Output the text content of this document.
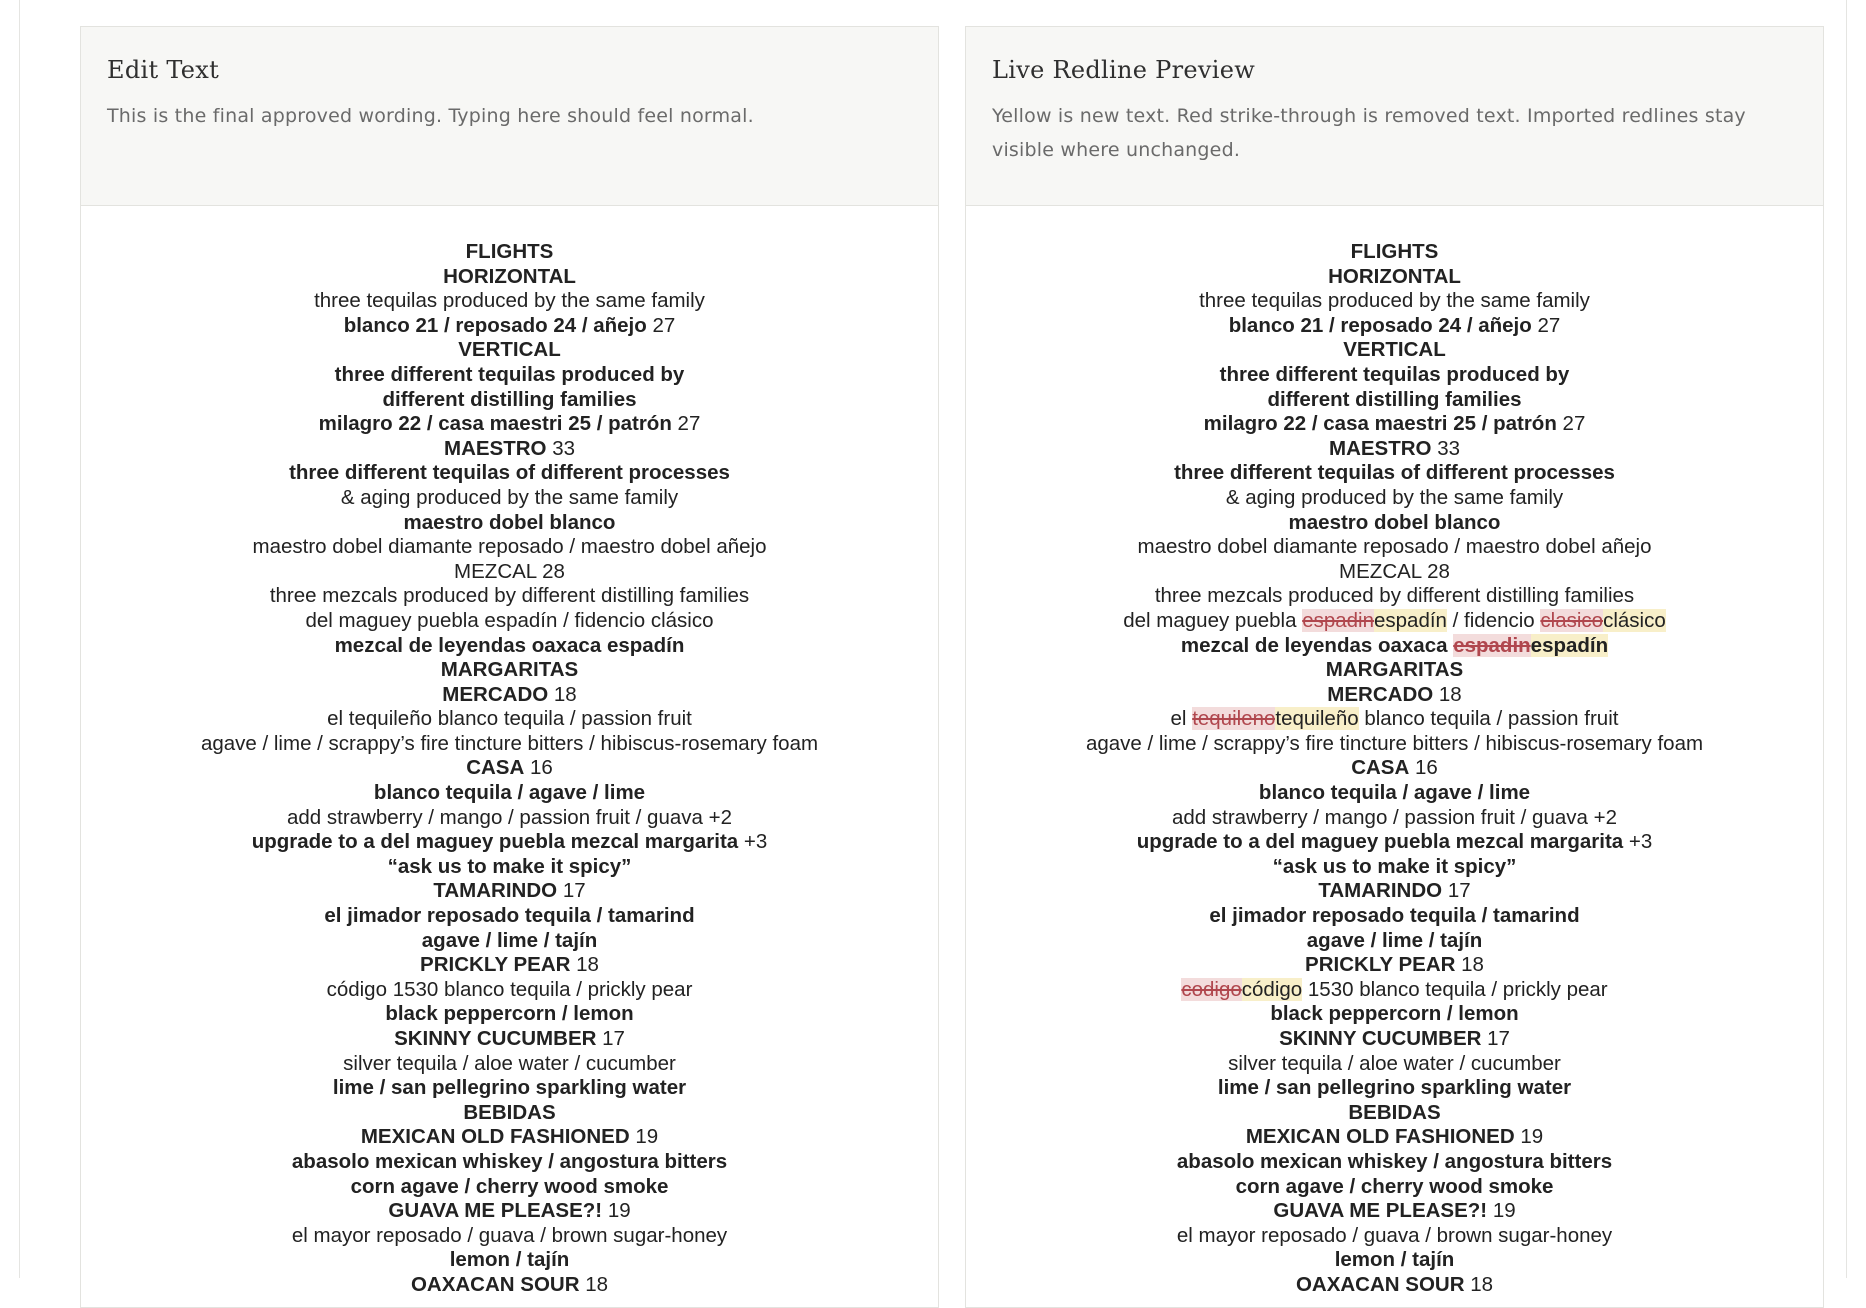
Edit Text

This is the final approved wording. Typing here should feel normal.

FLIGHTS
HORIZONTAL
three tequilas produced by the same family
blanco 21 / reposado 24 / añejo 27
VERTICAL
three different tequilas produced by
different distilling families
milagro 22 / casa maestri 25 / patrón 27
MAESTRO 33
three different tequilas of different processes
& aging produced by the same family
maestro dobel blanco
maestro dobel diamante reposado / maestro dobel añejo
MEZCAL 28
three mezcals produced by different distilling families
del maguey puebla espadín / fidencio clásico
mezcal de leyendas oaxaca espadín
MARGARITAS
MERCADO 18
el tequileño blanco tequila / passion fruit
agave / lime / scrappy’s fire tincture bitters / hibiscus-rosemary foam
CASA 16
blanco tequila / agave / lime
add strawberry / mango / passion fruit / guava +2
upgrade to a del maguey puebla mezcal margarita +3
“ask us to make it spicy”
TAMARINDO 17
el jimador reposado tequila / tamarind
agave / lime / tajín
PRICKLY PEAR 18
código 1530 blanco tequila / prickly pear
black peppercorn / lemon
SKINNY CUCUMBER 17
silver tequila / aloe water / cucumber
lime / san pellegrino sparkling water
BEBIDAS
MEXICAN OLD FASHIONED 19
abasolo mexican whiskey / angostura bitters
corn agave / cherry wood smoke
GUAVA ME PLEASE?! 19
el mayor reposado / guava / brown sugar-honey
lemon / tajín
OAXACAN SOUR 18
Live Redline Preview

Yellow is new text. Red strike-through is removed text. Imported redlines stay visible where unchanged.

FLIGHTS
HORIZONTAL
three tequilas produced by the same family
blanco 21 / reposado 24 / añejo 27
VERTICAL
three different tequilas produced by
different distilling families
milagro 22 / casa maestri 25 / patrón 27
MAESTRO 33
three different tequilas of different processes
& aging produced by the same family
maestro dobel blanco
maestro dobel diamante reposado / maestro dobel añejo
MEZCAL 28
three mezcals produced by different distilling families
del maguey puebla espadinespadín / fidencio clasicoclásico
mezcal de leyendas oaxaca espadinespadín
MARGARITAS
MERCADO 18
el tequilenotequileño blanco tequila / passion fruit
agave / lime / scrappy’s fire tincture bitters / hibiscus-rosemary foam
CASA 16
blanco tequila / agave / lime
add strawberry / mango / passion fruit / guava +2
upgrade to a del maguey puebla mezcal margarita +3
“ask us to make it spicy”
TAMARINDO 17
el jimador reposado tequila / tamarind
agave / lime / tajín
PRICKLY PEAR 18
codigocódigo 1530 blanco tequila / prickly pear
black peppercorn / lemon
SKINNY CUCUMBER 17
silver tequila / aloe water / cucumber
lime / san pellegrino sparkling water
BEBIDAS
MEXICAN OLD FASHIONED 19
abasolo mexican whiskey / angostura bitters
corn agave / cherry wood smoke
GUAVA ME PLEASE?! 19
el mayor reposado / guava / brown sugar-honey
lemon / tajín
OAXACAN SOUR 18
